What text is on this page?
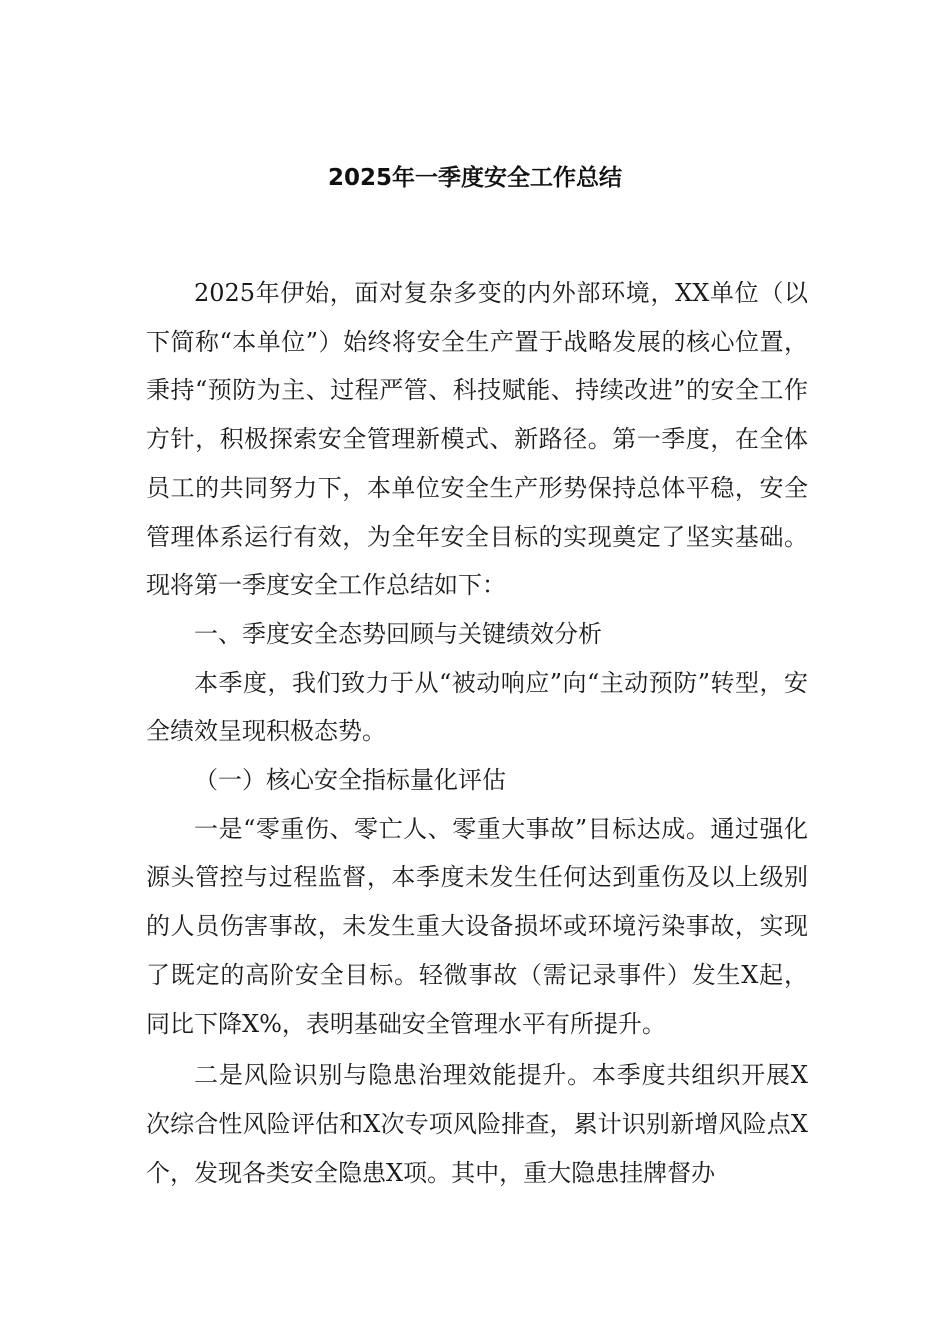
2025年一季度安全工作总结

2025年伊始，面对复杂多变的内外部环境，XX单位（以下简称“本单位”）始终将安全生产置于战略发展的核心位置，秉持“预防为主、过程严管、科技赋能、持续改进”的安全工作方针，积极探索安全管理新模式、新路径。第一季度，在全体员工的共同努力下，本单位安全生产形势保持总体平稳，安全管理体系运行有效，为全年安全目标的实现奠定了坚实基础。现将第一季度安全工作总结如下：

一、季度安全态势回顾与关键绩效分析

本季度，我们致力于从“被动响应”向“主动预防”转型，安全绩效呈现积极态势。

（一）核心安全指标量化评估

一是“零重伤、零亡人、零重大事故”目标达成。通过强化源头管控与过程监督，本季度未发生任何达到重伤及以上级别的人员伤害事故，未发生重大设备损坏或环境污染事故，实现了既定的高阶安全目标。轻微事故（需记录事件）发生X起，同比下降X%，表明基础安全管理水平有所提升。

二是风险识别与隐患治理效能提升。本季度共组织开展X次综合性风险评估和X次专项风险排查，累计识别新增风险点X个，发现各类安全隐患X项。其中，重大隐患挂牌督办
